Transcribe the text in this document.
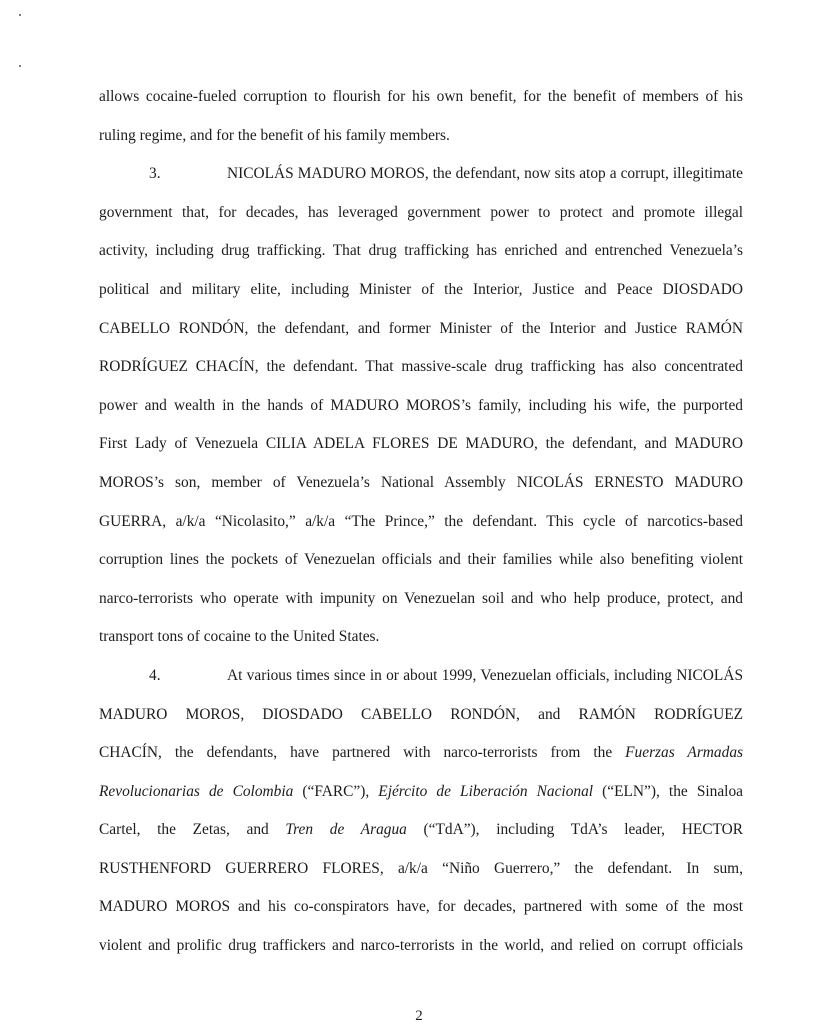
allows cocaine-fueled corruption to flourish for his own benefit, for the benefit of members of his
ruling regime, and for the benefit of his family members.
3.	NICOLÁS MADURO MOROS, the defendant, now sits atop a corrupt, illegitimate
government that, for decades, has leveraged government power to protect and promote illegal
activity, including drug trafficking. That drug trafficking has enriched and entrenched Venezuela’s
political and military elite, including Minister of the Interior, Justice and Peace DIOSDADO
CABELLO RONDÓN, the defendant, and former Minister of the Interior and Justice RAMÓN
RODRÍGUEZ CHACÍN, the defendant. That massive-scale drug trafficking has also concentrated
power and wealth in the hands of MADURO MOROS’s family, including his wife, the purported
First Lady of Venezuela CILIA ADELA FLORES DE MADURO, the defendant, and MADURO
MOROS’s son, member of Venezuela’s National Assembly NICOLÁS ERNESTO MADURO
GUERRA, a/k/a “Nicolasito,” a/k/a “The Prince,” the defendant. This cycle of narcotics-based
corruption lines the pockets of Venezuelan officials and their families while also benefiting violent
narco-terrorists who operate with impunity on Venezuelan soil and who help produce, protect, and
transport tons of cocaine to the United States.
4.	At various times since in or about 1999, Venezuelan officials, including NICOLÁS
MADURO MOROS, DIOSDADO CABELLO RONDÓN, and RAMÓN RODRÍGUEZ
CHACÍN, the defendants, have partnered with narco-terrorists from the Fuerzas Armadas
Revolucionarias de Colombia (“FARC”), Ejército de Liberación Nacional (“ELN”), the Sinaloa
Cartel, the Zetas, and Tren de Aragua (“TdA”), including TdA’s leader, HECTOR
RUSTHENFORD GUERRERO FLORES, a/k/a “Niño Guerrero,” the defendant. In sum,
MADURO MOROS and his co-conspirators have, for decades, partnered with some of the most
violent and prolific drug traffickers and narco-terrorists in the world, and relied on corrupt officials
2
